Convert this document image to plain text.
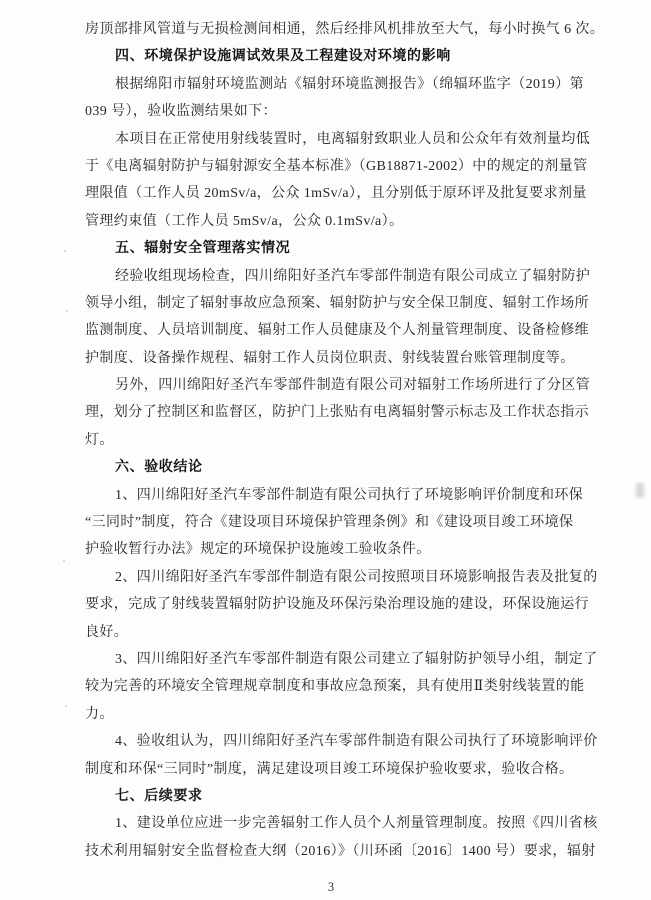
房顶部排风管道与无损检测间相通，然后经排风机排放至大气，每小时换气 6 次。
四、环境保护设施调试效果及工程建设对环境的影响
根据绵阳市辐射环境监测站《辐射环境监测报告》（绵辐环监字（2019）第
039 号），验收监测结果如下：
本项目在正常使用射线装置时，电离辐射致职业人员和公众年有效剂量均低
于《电离辐射防护与辐射源安全基本标准》（GB18871-2002）中的规定的剂量管
理限值（工作人员 20mSv/a，公众 1mSv/a），且分别低于原环评及批复要求剂量
管理约束值（工作人员 5mSv/a，公众 0.1mSv/a）。
五、辐射安全管理落实情况
经验收组现场检查，四川绵阳好圣汽车零部件制造有限公司成立了辐射防护
领导小组，制定了辐射事故应急预案、辐射防护与安全保卫制度、辐射工作场所
监测制度、人员培训制度、辐射工作人员健康及个人剂量管理制度、设备检修维
护制度、设备操作规程、辐射工作人员岗位职责、射线装置台账管理制度等。
另外，四川绵阳好圣汽车零部件制造有限公司对辐射工作场所进行了分区管
理，划分了控制区和监督区，防护门上张贴有电离辐射警示标志及工作状态指示
灯。
六、验收结论
1、四川绵阳好圣汽车零部件制造有限公司执行了环境影响评价制度和环保
“三同时”制度，符合《建设项目环境保护管理条例》和《建设项目竣工环境保
护验收暂行办法》规定的环境保护设施竣工验收条件。
2、四川绵阳好圣汽车零部件制造有限公司按照项目环境影响报告表及批复的
要求，完成了射线装置辐射防护设施及环保污染治理设施的建设，环保设施运行
良好。
3、四川绵阳好圣汽车零部件制造有限公司建立了辐射防护领导小组，制定了
较为完善的环境安全管理规章制度和事故应急预案，具有使用Ⅱ类射线装置的能
力。
4、验收组认为，四川绵阳好圣汽车零部件制造有限公司执行了环境影响评价
制度和环保“三同时”制度，满足建设项目竣工环境保护验收要求，验收合格。
七、后续要求
1、建设单位应进一步完善辐射工作人员个人剂量管理制度。按照《四川省核
技术利用辐射安全监督检查大纲（2016）》（川环函〔2016〕1400 号）要求，辐射
3
